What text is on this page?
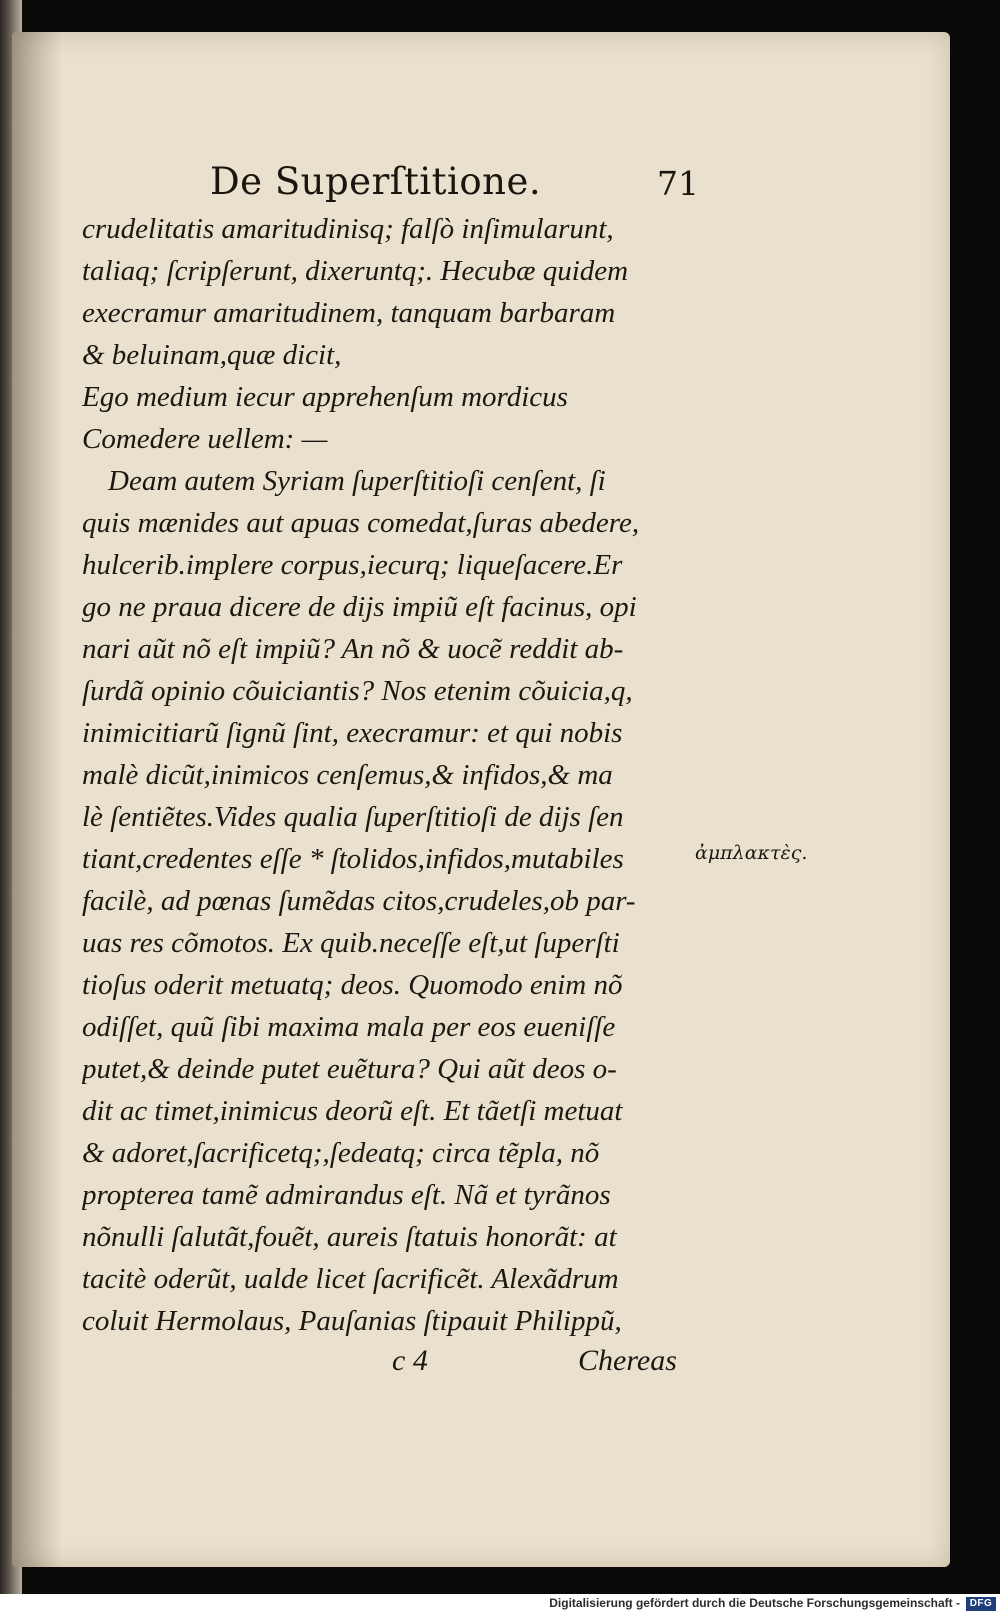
De Superſtitione.	71
crudelitatis amaritudinisq; falſò inſimularunt,
taliaq; ſcripſerunt, dixeruntq;. Hecubæ quidem
execramur amaritudinem, tanquam barbaram
& beluinam,quæ dicit,
Ego medium iecur apprehenſum mordicus
Comedere uellem: —
Deam autem Syriam ſuperſtitioſi cenſent, ſi
quis mænides aut apuas comedat,ſuras abedere,
hulcerib.implere corpus,iecurq; liqueſacere.Er
go ne praua dicere de dijs impiũ eſt facinus, opi
nari aũt nõ eſt impiũ? An nõ & uocẽ reddit ab-
ſurdã opinio cõuiciantis? Nos etenim cõuicia,q,
inimicitiarũ ſignũ ſint, execramur: et qui nobis
malè dicũt,inimicos cenſemus,& infidos,& ma
lè ſentiẽtes.Vides qualia ſuperſtitioſi de dijs ſen
tiant,credentes eſſe * ſtolidos,infidos,mutabiles
facilè, ad pœnas ſumẽdas citos,crudeles,ob par-
uas res cõmotos. Ex quib.neceſſe eſt,ut ſuperſti
tioſus oderit metuatq; deos. Quomodo enim nõ
odiſſet, quũ ſibi maxima mala per eos eueniſſe
putet,& deinde putet euẽtura? Qui aũt deos o-
dit ac timet,inimicus deorũ eſt. Et tãetſi metuat
& adoret,ſacrificetq;,ſedeatq; circa tẽpla, nõ
propterea tamẽ admirandus eſt. Nã et tyrãnos
nõnulli ſalutãt,fouẽt, aureis ſtatuis honorãt: at
tacitè oderũt, ualde licet ſacrificẽt. Alexãdrum
coluit Hermolaus, Pauſanias ſtipauit Philippũ,
ἀμπλακτὲς.
c 4	Chereas
Digitalisierung gefördert durch die Deutsche Forschungsgemeinschaft - DFG
